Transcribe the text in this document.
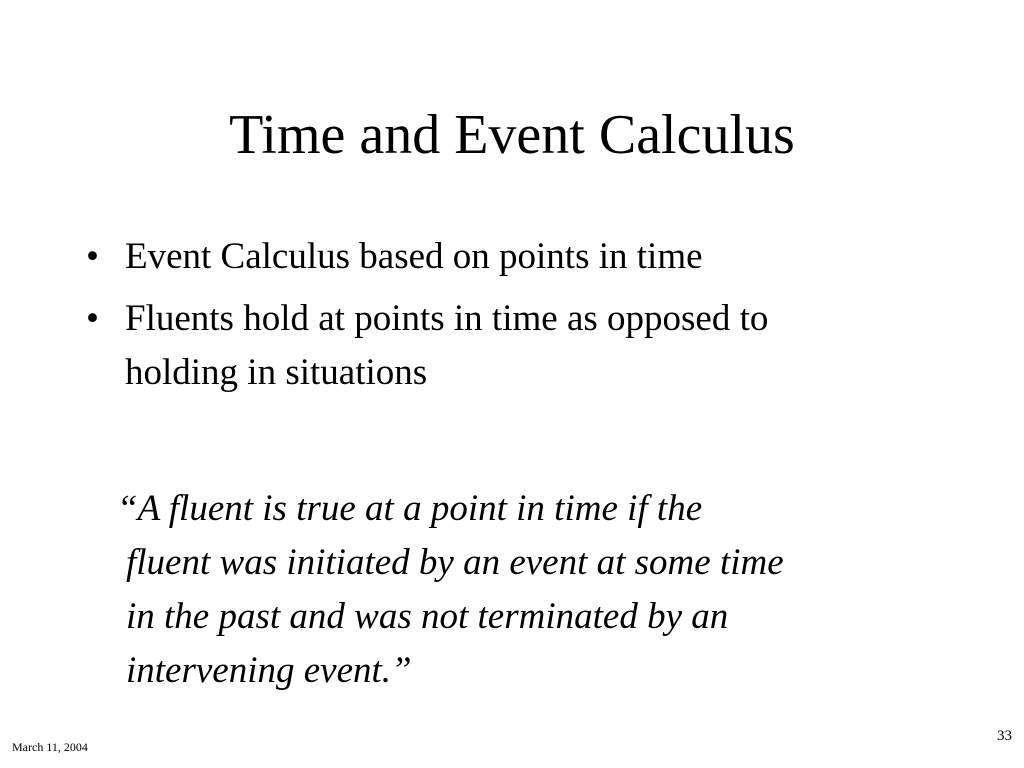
Time and Event Calculus
• Event Calculus based on points in time
• Fluents hold at points in time as opposed to
holding in situations
“A fluent is true at a point in time if the
fluent was initiated by an event at some time
in the past and was not terminated by an
intervening event.”
March 11, 2004
33
